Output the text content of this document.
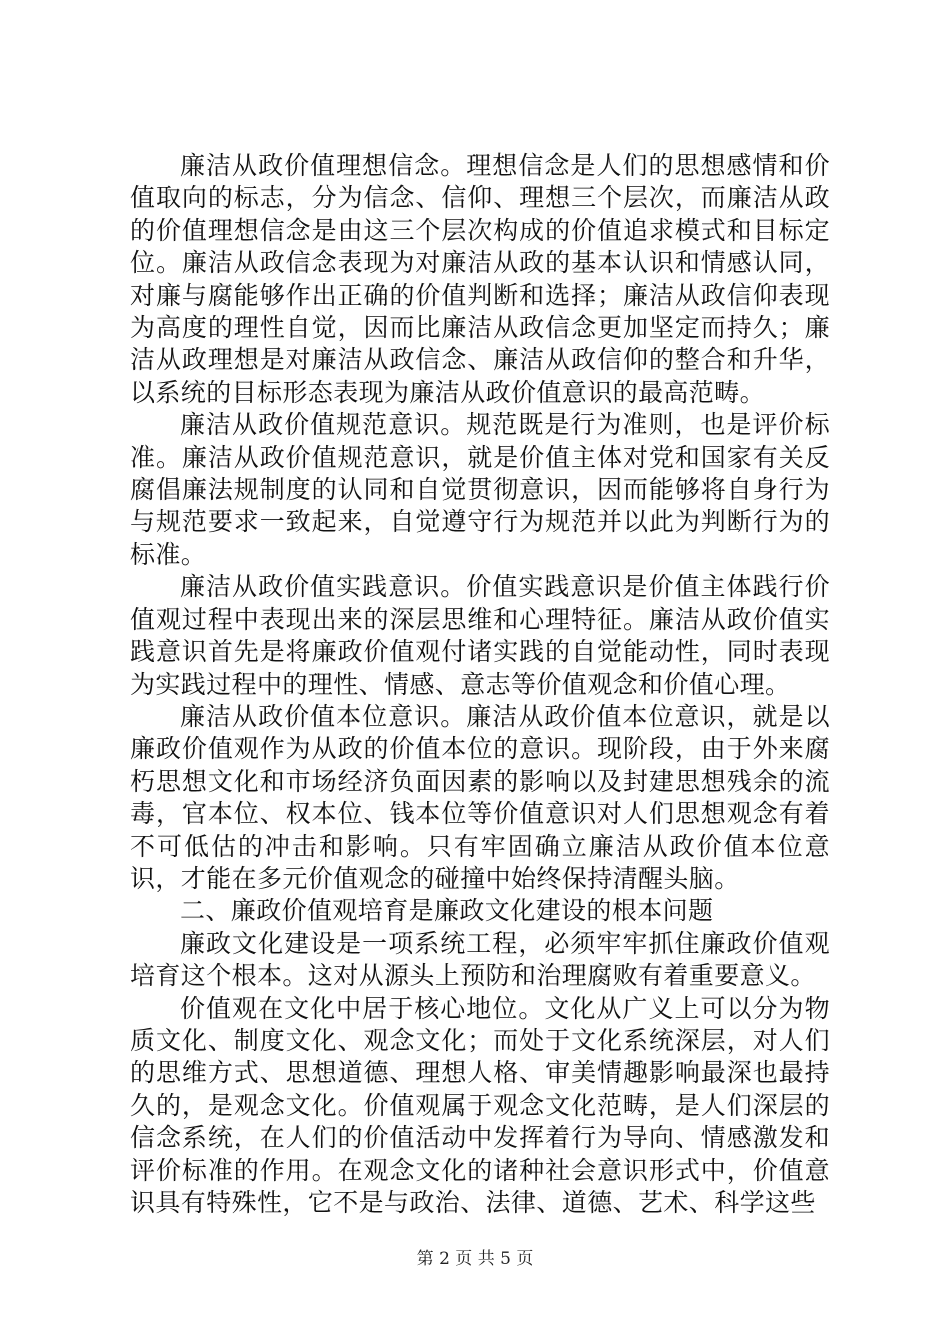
廉洁从政价值理想信念。理想信念是人们的思想感情和价值取向的标志，分为信念、信仰、理想三个层次，而廉洁从政的价值理想信念是由这三个层次构成的价值追求模式和目标定位。廉洁从政信念表现为对廉洁从政的基本认识和情感认同，对廉与腐能够作出正确的价值判断和选择；廉洁从政信仰表现为高度的理性自觉，因而比廉洁从政信念更加坚定而持久；廉洁从政理想是对廉洁从政信念、廉洁从政信仰的整合和升华，以系统的目标形态表现为廉洁从政价值意识的最高范畴。

廉洁从政价值规范意识。规范既是行为准则，也是评价标准。廉洁从政价值规范意识，就是价值主体对党和国家有关反腐倡廉法规制度的认同和自觉贯彻意识，因而能够将自身行为与规范要求一致起来，自觉遵守行为规范并以此为判断行为的标准。

廉洁从政价值实践意识。价值实践意识是价值主体践行价值观过程中表现出来的深层思维和心理特征。廉洁从政价值实践意识首先是将廉政价值观付诸实践的自觉能动性，同时表现为实践过程中的理性、情感、意志等价值观念和价值心理。

廉洁从政价值本位意识。廉洁从政价值本位意识，就是以廉政价值观作为从政的价值本位的意识。现阶段，由于外来腐朽思想文化和市场经济负面因素的影响以及封建思想残余的流毒，官本位、权本位、钱本位等价值意识对人们思想观念有着不可低估的冲击和影响。只有牢固确立廉洁从政价值本位意识，才能在多元价值观念的碰撞中始终保持清醒头脑。

二、廉政价值观培育是廉政文化建设的根本问题

廉政文化建设是一项系统工程，必须牢牢抓住廉政价值观培育这个根本。这对从源头上预防和治理腐败有着重要意义。

价值观在文化中居于核心地位。文化从广义上可以分为物质文化、制度文化、观念文化；而处于文化系统深层，对人们的思维方式、思想道德、理想人格、审美情趣影响最深也最持久的，是观念文化。价值观属于观念文化范畴，是人们深层的信念系统，在人们的价值活动中发挥着行为导向、情感激发和评价标准的作用。在观念文化的诸种社会意识形式中，价值意识具有特殊性，它不是与政治、法律、道德、艺术、科学这些

第 2 页 共 5 页
